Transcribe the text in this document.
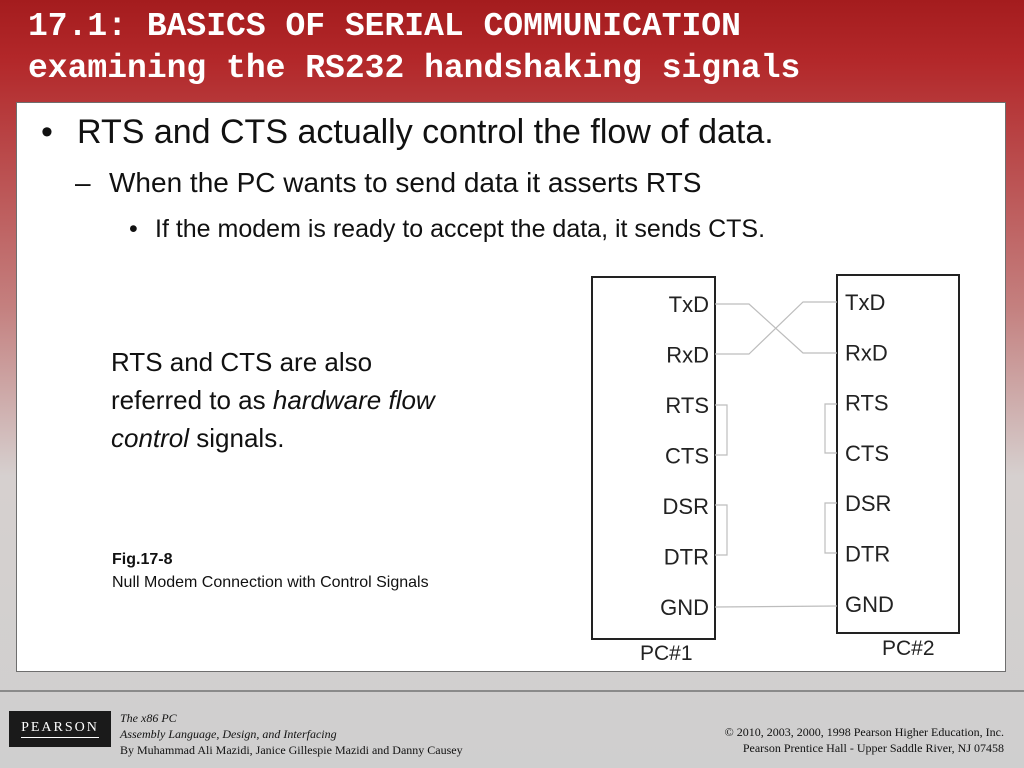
17.1: BASICS OF SERIAL COMMUNICATION
examining the RS232 handshaking signals
• RTS and CTS actually control the flow of data.
– When the PC wants to send data it asserts RTS
• If the modem is ready to accept the data, it sends CTS.
RTS and CTS are also referred to as hardware flow control signals.
Fig.17-8
Null Modem Connection with Control Signals
TxD
RxD
RTS
CTS
DSR
DTR
GND
TxD
RxD
RTS
CTS
DSR
DTR
GND
PC#1	PC#2
PEARSON
The x86 PC
Assembly Language, Design, and Interfacing
By Muhammad Ali Mazidi, Janice Gillespie Mazidi and Danny Causey
© 2010, 2003, 2000, 1998 Pearson Higher Education, Inc.
Pearson Prentice Hall - Upper Saddle River, NJ 07458
